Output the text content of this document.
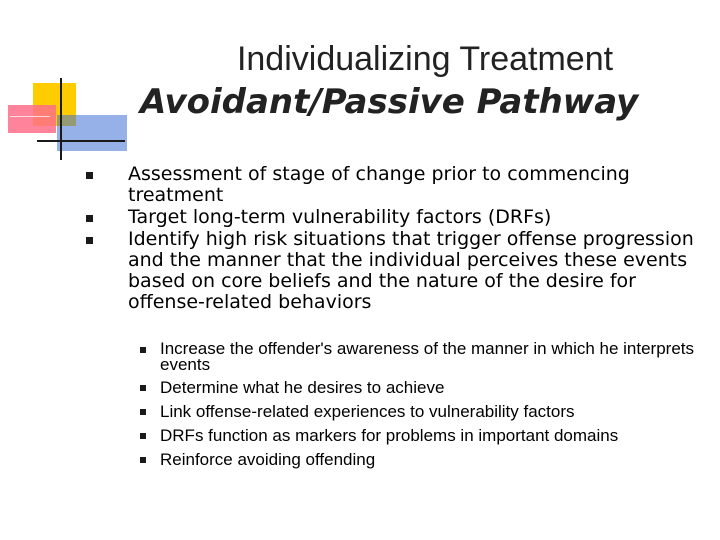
Individualizing Treatment
Avoidant/Passive Pathway
Assessment of stage of change prior to commencing treatment
Target long-term vulnerability factors (DRFs)
Identify high risk situations that trigger offense progression and the manner that the individual perceives these events based on core beliefs and the nature of the desire for offense-related behaviors
Increase the offender's awareness of the manner in which he interprets events
Determine what he desires to achieve
Link offense-related experiences to vulnerability factors
DRFs function as markers for problems in important domains
Reinforce avoiding offending
